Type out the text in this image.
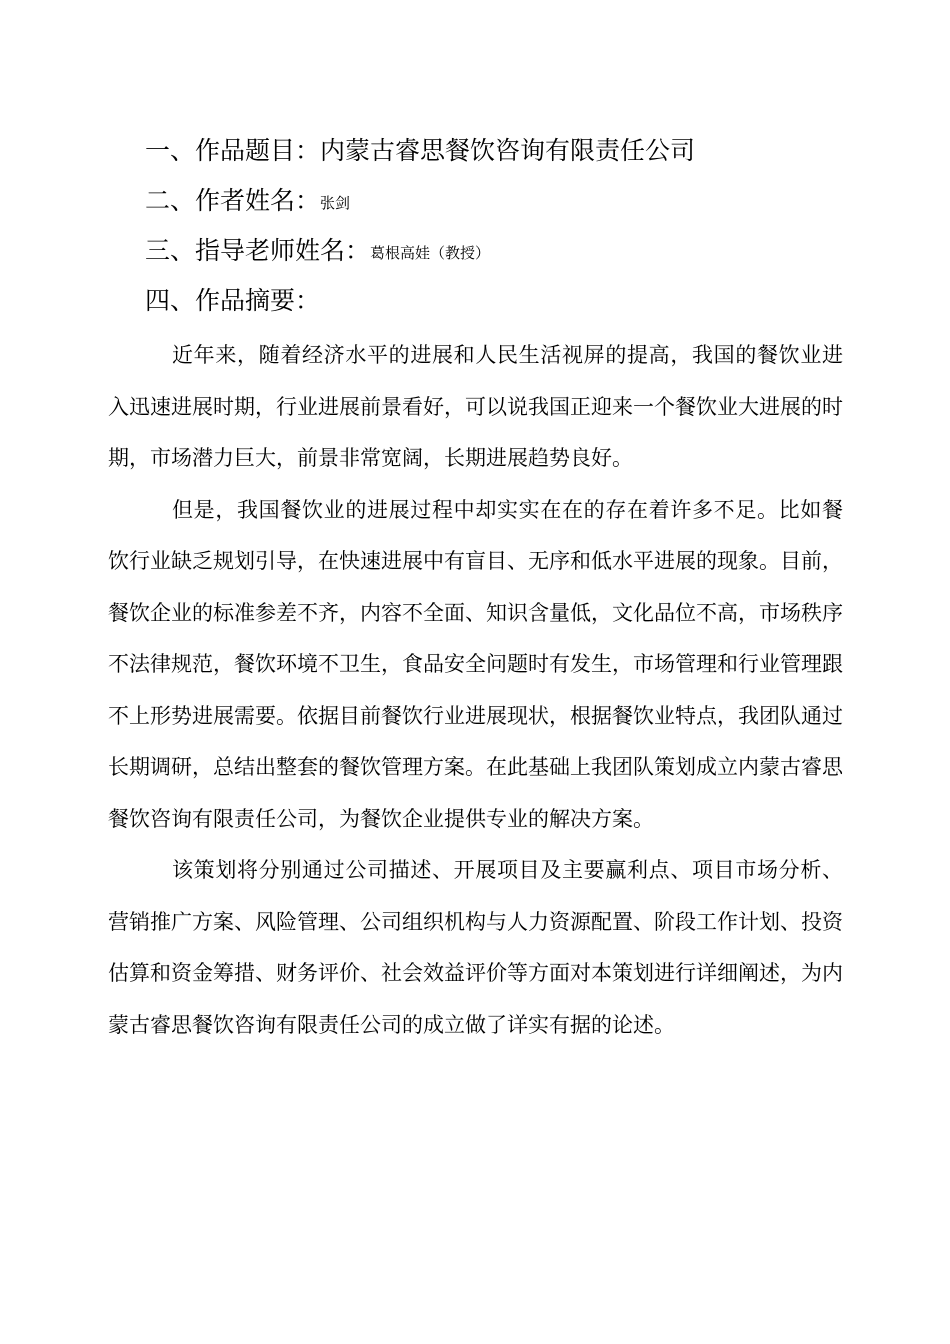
一、作品题目：内蒙古睿思餐饮咨询有限责任公司
二、作者姓名：张剑
三、指导老师姓名：葛根高娃（教授）
四、作品摘要：

近年来，随着经济水平的进展和人民生活视屏的提高，我国的餐饮业进入迅速进展时期，行业进展前景看好，可以说我国正迎来一个餐饮业大进展的时期，市场潜力巨大，前景非常宽阔，长期进展趋势良好。

但是，我国餐饮业的进展过程中却实实在在的存在着许多不足。比如餐饮行业缺乏规划引导，在快速进展中有盲目、无序和低水平进展的现象。目前，餐饮企业的标准参差不齐，内容不全面、知识含量低，文化品位不高，市场秩序不法律规范，餐饮环境不卫生，食品安全问题时有发生，市场管理和行业管理跟不上形势进展需要。依据目前餐饮行业进展现状，根据餐饮业特点，我团队通过长期调研，总结出整套的餐饮管理方案。在此基础上我团队策划成立内蒙古睿思餐饮咨询有限责任公司，为餐饮企业提供专业的解决方案。

该策划将分别通过公司描述、开展项目及主要赢利点、项目市场分析、营销推广方案、风险管理、公司组织机构与人力资源配置、阶段工作计划、投资估算和资金筹措、财务评价、社会效益评价等方面对本策划进行详细阐述，为内蒙古睿思餐饮咨询有限责任公司的成立做了详实有据的论述。
